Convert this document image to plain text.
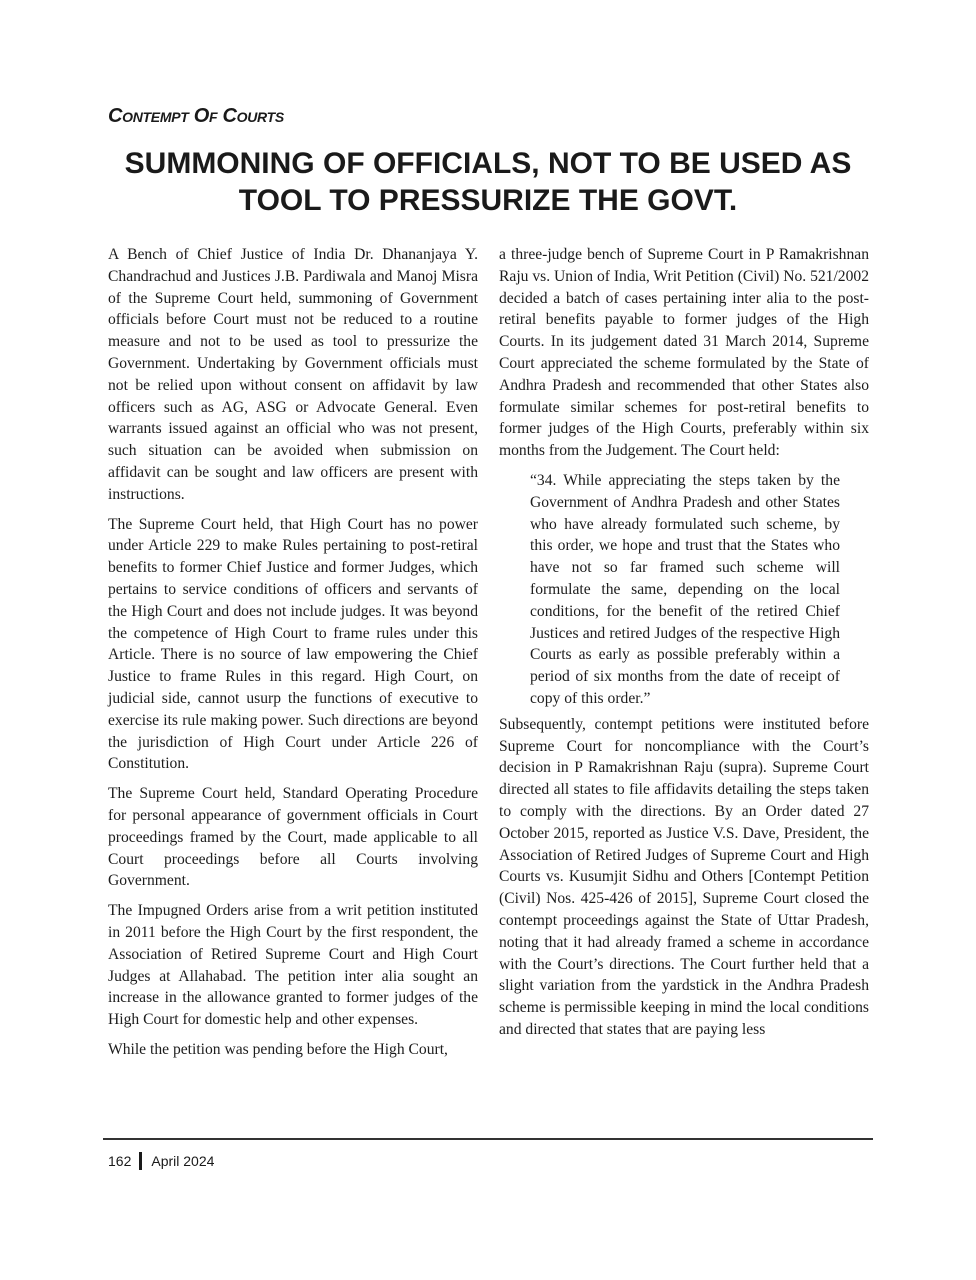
Contempt Of Courts
SUMMONING OF OFFICIALS, NOT TO BE USED AS TOOL TO PRESSURIZE THE GOVT.

A Bench of Chief Justice of India Dr. Dhananjaya Y. Chandrachud and Justices J.B. Pardiwala and Manoj Misra of the Supreme Court held, summoning of Government officials before Court must not be reduced to a routine measure and not to be used as tool to pressurize the Government. Undertaking by Government officials must not be relied upon without consent on affidavit by law officers such as AG, ASG or Advocate General. Even warrants issued against an official who was not present, such situation can be avoided when submission on affidavit can be sought and law officers are present with instructions.

The Supreme Court held, that High Court has no power under Article 229 to make Rules pertaining to post-retiral benefits to former Chief Justice and former Judges, which pertains to service conditions of officers and servants of the High Court and does not include judges. It was beyond the competence of High Court to frame rules under this Article. There is no source of law empowering the Chief Justice to frame Rules in this regard. High Court, on judicial side, cannot usurp the functions of executive to exercise its rule making power. Such directions are beyond the jurisdiction of High Court under Article 226 of Constitution.

The Supreme Court held, Standard Operating Procedure for personal appearance of government officials in Court proceedings framed by the Court, made applicable to all Court proceedings before all Courts involving Government.

The Impugned Orders arise from a writ petition instituted in 2011 before the High Court by the first respondent, the Association of Retired Supreme Court and High Court Judges at Allahabad. The petition inter alia sought an increase in the allowance granted to former judges of the High Court for domestic help and other expenses.

While the petition was pending before the High Court,

a three-judge bench of Supreme Court in P Ramakrishnan Raju vs. Union of India, Writ Petition (Civil) No. 521/2002 decided a batch of cases pertaining inter alia to the post-retiral benefits payable to former judges of the High Courts. In its judgement dated 31 March 2014, Supreme Court appreciated the scheme formulated by the State of Andhra Pradesh and recommended that other States also formulate similar schemes for post-retiral benefits to former judges of the High Courts, preferably within six months from the Judgement. The Court held:

“34. While appreciating the steps taken by the Government of Andhra Pradesh and other States who have already formulated such scheme, by this order, we hope and trust that the States who have not so far framed such scheme will formulate the same, depending on the local conditions, for the benefit of the retired Chief Justices and retired Judges of the respective High Courts as early as possible preferably within a period of six months from the date of receipt of copy of this order.”

Subsequently, contempt petitions were instituted before Supreme Court for noncompliance with the Court’s decision in P Ramakrishnan Raju (supra). Supreme Court directed all states to file affidavits detailing the steps taken to comply with the directions. By an Order dated 27 October 2015, reported as Justice V.S. Dave, President, the Association of Retired Judges of Supreme Court and High Courts vs. Kusumjit Sidhu and Others [Contempt Petition (Civil) Nos. 425-426 of 2015], Supreme Court closed the contempt proceedings against the State of Uttar Pradesh, noting that it had already framed a scheme in accordance with the Court’s directions. The Court further held that a slight variation from the yardstick in the Andhra Pradesh scheme is permissible keeping in mind the local conditions and directed that states that are paying less

162 April 2024
